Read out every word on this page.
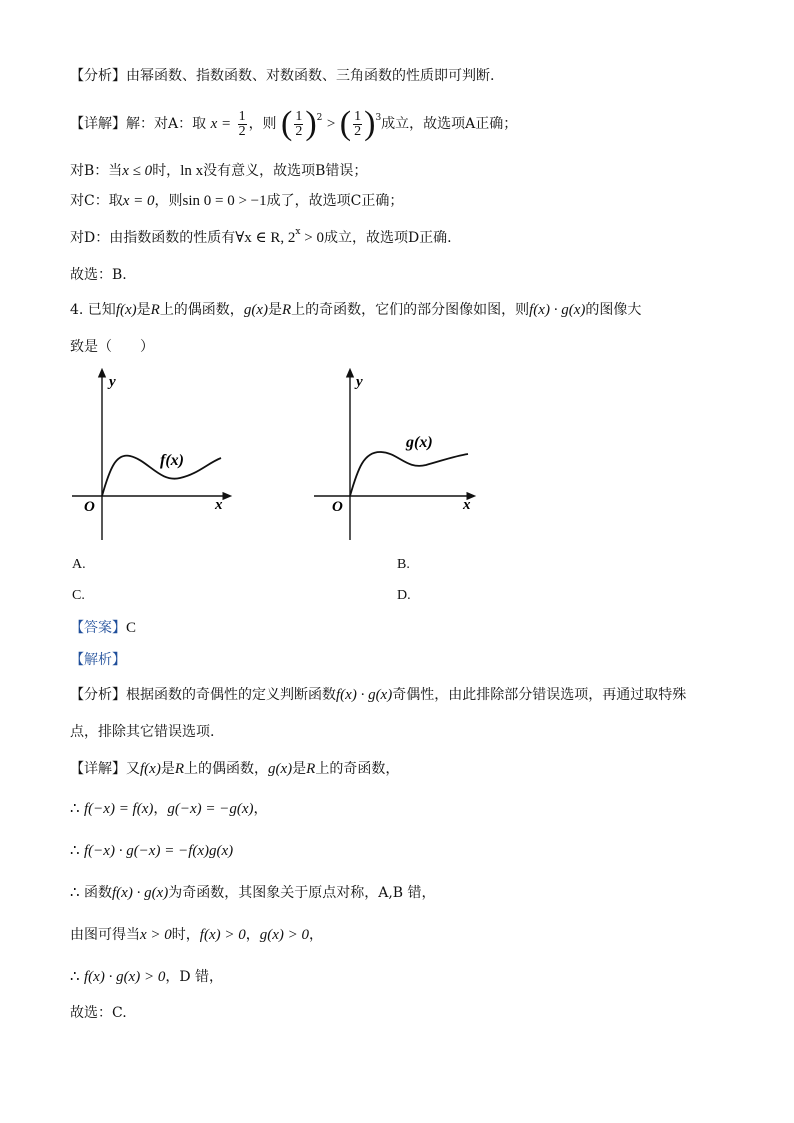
【分析】由幂函数、指数函数、对数函数、三角函数的性质即可判断.
【详解】解：对A：取 $x = \frac{1}{2}$ ，则 ( $\frac{1}{2} )^2$ > ( $\frac{1}{2} )^3$成立，故选项A正确；
对B：当x ≤ 0时，ln x没有意义，故选项B错误；
对C：取x = 0，则sin 0 = 0 > −1成了，故选项C正确；
对D：由指数函数的性质有∀x ∈ R, $2^x > 0$成立，故选项D正确.
故选：B.
4. 已知f(x)是R上的偶函数，g(x)是R上的奇函数，它们的部分图像如图，则f(x) · g(x)的图像大
致是（　　）
y
x
O
f(x)
y
x
O
g(x)
A.	B.
C.	D.
【答案】C
【解析】
【分析】根据函数的奇偶性的定义判断函数f(x) · g(x)奇偶性，由此排除部分错误选项，再通过取特殊
点，排除其它错误选项.
【详解】又f(x)是R上的偶函数，g(x)是R上的奇函数，
∴ f(−x) = f(x)，g(−x) = −g(x)，
∴ f(−x) · g(−x) = −f(x)g(x)
∴ 函数f(x) · g(x)为奇函数，其图象关于原点对称，A,B 错，
由图可得当x > 0时，f(x) > 0，g(x) > 0，
∴ f(x) · g(x) > 0，D 错，
故选：C.
